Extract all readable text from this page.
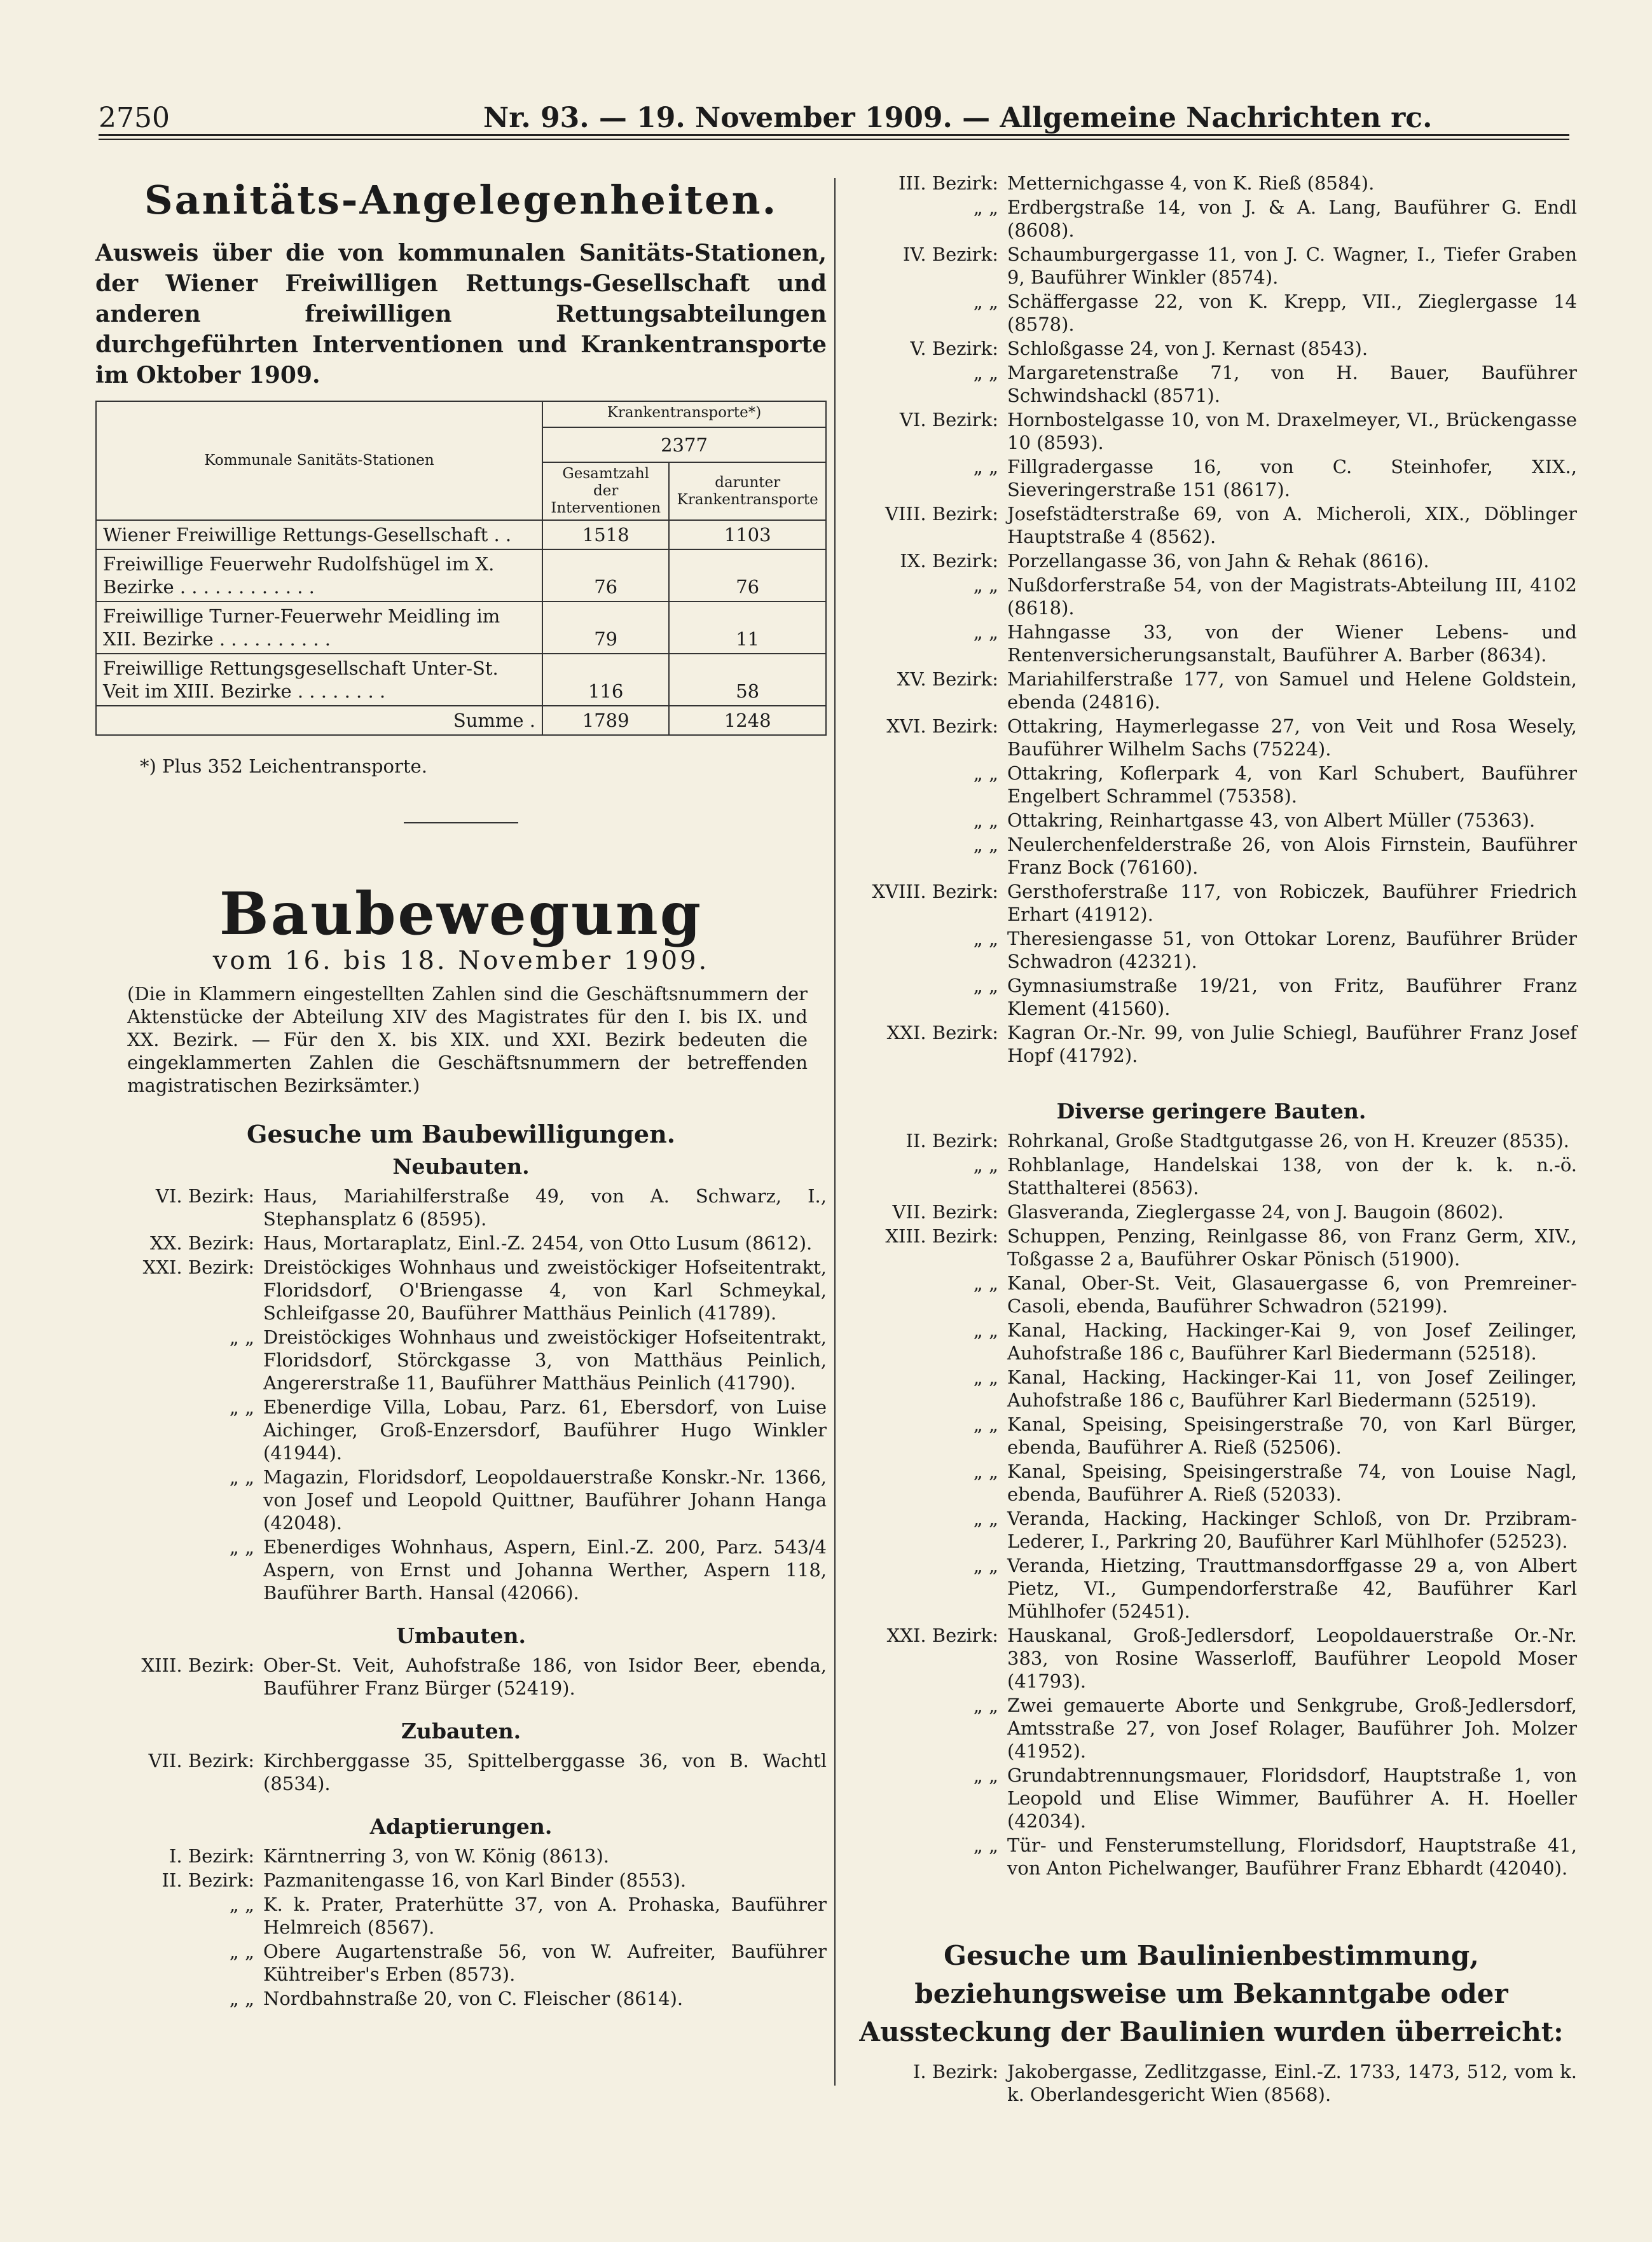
2750	Nr. 93. — 19. November 1909. — Allgemeine Nachrichten rc.
Sanitäts-Angelegenheiten.
Ausweis über die von kommunalen Sanitäts-Stationen, der Wiener Freiwilligen Rettungs-Gesellschaft und anderen freiwilligen Rettungsabteilungen durchgeführten Interventionen und Krankentransporte im Oktober 1909.
Kommunale Sanitäts-Stationen	Krankentransporte*)
2377	

	Gesamtzahl der Interventionen	darunter Krankentransporte
Wiener Freiwillige Rettungs-Gesellschaft . .	1518	1103
Freiwillige Feuerwehr Rudolfshügel im X. Bezirke . . . . . . . . . . . .	76	76
Freiwillige Turner-Feuerwehr Meidling im XII. Bezirke . . . . . . . . . .	79	11
Freiwillige Rettungsgesellschaft Unter-St. Veit im XIII. Bezirke . . . . . . . .	116	58
Summe .	1789	1248
*) Plus 352 Leichentransporte.
Baubewegung
vom 16. bis 18. November 1909.
(Die in Klammern eingestellten Zahlen sind die Geschäftsnummern der Aktenstücke der Abteilung XIV des Magistrates für den I. bis IX. und XX. Bezirk. — Für den X. bis XIX. und XXI. Bezirk bedeuten die eingeklammerten Zahlen die Geschäftsnummern der betreffenden magistratischen Bezirksämter.)
Gesuche um Baubewilligungen.
Neubauten.
VI. Bezirk: Haus, Mariahilferstraße 49, von A. Schwarz, I., Stephansplatz 6 (8595).
XX. Bezirk: Haus, Mortaraplatz, Einl.-Z. 2454, von Otto Lusum (8612).
XXI. Bezirk: Dreistöckiges Wohnhaus und zweistöckiger Hofseitentrakt, Floridsdorf, O'Briengasse 4, von Karl Schmeykal, Schleifgasse 20, Bauführer Matthäus Peinlich (41789).
„ „ Dreistöckiges Wohnhaus und zweistöckiger Hofseitentrakt, Floridsdorf, Störckgasse 3, von Matthäus Peinlich, Angererstraße 11, Bauführer Matthäus Peinlich (41790).
„ „ Ebenerdige Villa, Lobau, Parz. 61, Ebersdorf, von Luise Aichinger, Groß-Enzersdorf, Bauführer Hugo Winkler (41944).
„ „ Magazin, Floridsdorf, Leopoldauerstraße Konskr.-Nr. 1366, von Josef und Leopold Quittner, Bauführer Johann Hanga (42048).
„ „ Ebenerdiges Wohnhaus, Aspern, Einl.-Z. 200, Parz. 543/4 Aspern, von Ernst und Johanna Werther, Aspern 118, Bauführer Barth. Hansal (42066).
Umbauten.
XIII. Bezirk: Ober-St. Veit, Auhofstraße 186, von Isidor Beer, ebenda, Bauführer Franz Bürger (52419).
Zubauten.
VII. Bezirk: Kirchberggasse 35, Spittelberggasse 36, von B. Wachtl (8534).
Adaptierungen.
I. Bezirk: Kärntnerring 3, von W. König (8613).
II. Bezirk: Pazmanitengasse 16, von Karl Binder (8553).
„ „ K. k. Prater, Praterhütte 37, von A. Prohaska, Bauführer Helmreich (8567).
„ „ Obere Augartenstraße 56, von W. Aufreiter, Bauführer Kühtreiber's Erben (8573).
„ „ Nordbahnstraße 20, von C. Fleischer (8614).
III. Bezirk: Metternichgasse 4, von K. Rieß (8584).
„ „ Erdbergstraße 14, von J. & A. Lang, Bauführer G. Endl (8608).
IV. Bezirk: Schaumburgergasse 11, von J. C. Wagner, I., Tiefer Graben 9, Bauführer Winkler (8574).
„ „ Schäffergasse 22, von K. Krepp, VII., Zieglergasse 14 (8578).
V. Bezirk: Schloßgasse 24, von J. Kernast (8543).
„ „ Margaretenstraße 71, von H. Bauer, Bauführer Schwindshackl (8571).
VI. Bezirk: Hornbostelgasse 10, von M. Draxelmeyer, VI., Brückengasse 10 (8593).
„ „ Fillgradergasse 16, von C. Steinhofer, XIX., Sieveringerstraße 151 (8617).
VIII. Bezirk: Josefstädterstraße 69, von A. Micheroli, XIX., Döblinger Hauptstraße 4 (8562).
IX. Bezirk: Porzellangasse 36, von Jahn & Rehak (8616).
„ „ Nußdorferstraße 54, von der Magistrats-Abteilung III, 4102 (8618).
„ „ Hahngasse 33, von der Wiener Lebens- und Rentenversicherungsanstalt, Bauführer A. Barber (8634).
XV. Bezirk: Mariahilferstraße 177, von Samuel und Helene Goldstein, ebenda (24816).
XVI. Bezirk: Ottakring, Haymerlegasse 27, von Veit und Rosa Wesely, Bauführer Wilhelm Sachs (75224).
„ „ Ottakring, Koflerpark 4, von Karl Schubert, Bauführer Engelbert Schrammel (75358).
„ „ Ottakring, Reinhartgasse 43, von Albert Müller (75363).
„ „ Neulerchenfelderstraße 26, von Alois Firnstein, Bauführer Franz Bock (76160).
XVIII. Bezirk: Gersthoferstraße 117, von Robiczek, Bauführer Friedrich Erhart (41912).
„ „ Theresiengasse 51, von Ottokar Lorenz, Bauführer Brüder Schwadron (42321).
„ „ Gymnasiumstraße 19/21, von Fritz, Bauführer Franz Klement (41560).
XXI. Bezirk: Kagran Or.-Nr. 99, von Julie Schiegl, Bauführer Franz Josef Hopf (41792).
Diverse geringere Bauten.
II. Bezirk: Rohrkanal, Große Stadtgutgasse 26, von H. Kreuzer (8535).
„ „ Rohblanlage, Handelskai 138, von der k. k. n.-ö. Statthalterei (8563).
VII. Bezirk: Glasveranda, Zieglergasse 24, von J. Baugoin (8602).
XIII. Bezirk: Schuppen, Penzing, Reinlgasse 86, von Franz Germ, XIV., Toßgasse 2 a, Bauführer Oskar Pönisch (51900).
„ „ Kanal, Ober-St. Veit, Glasauergasse 6, von Premreiner-Casoli, ebenda, Bauführer Schwadron (52199).
„ „ Kanal, Hacking, Hackinger-Kai 9, von Josef Zeilinger, Auhofstraße 186 c, Bauführer Karl Biedermann (52518).
„ „ Kanal, Hacking, Hackinger-Kai 11, von Josef Zeilinger, Auhofstraße 186 c, Bauführer Karl Biedermann (52519).
„ „ Kanal, Speising, Speisingerstraße 70, von Karl Bürger, ebenda, Bauführer A. Rieß (52506).
„ „ Kanal, Speising, Speisingerstraße 74, von Louise Nagl, ebenda, Bauführer A. Rieß (52033).
„ „ Veranda, Hacking, Hackinger Schloß, von Dr. Przibram-Lederer, I., Parkring 20, Bauführer Karl Mühlhofer (52523).
„ „ Veranda, Hietzing, Trauttmansdorffgasse 29 a, von Albert Pietz, VI., Gumpendorferstraße 42, Bauführer Karl Mühlhofer (52451).
XXI. Bezirk: Hauskanal, Groß-Jedlersdorf, Leopoldauerstraße Or.-Nr. 383, von Rosine Wasserloff, Bauführer Leopold Moser (41793).
„ „ Zwei gemauerte Aborte und Senkgrube, Groß-Jedlersdorf, Amtsstraße 27, von Josef Rolager, Bauführer Joh. Molzer (41952).
„ „ Grundabtrennungsmauer, Floridsdorf, Hauptstraße 1, von Leopold und Elise Wimmer, Bauführer A. H. Hoeller (42034).
„ „ Tür- und Fensterumstellung, Floridsdorf, Hauptstraße 41, von Anton Pichelwanger, Bauführer Franz Ebhardt (42040).
Gesuche um Baulinienbestimmung, beziehungsweise um Bekanntgabe oder Aussteckung der Baulinien wurden überreicht:
I. Bezirk: Jakobergasse, Zedlitzgasse, Einl.-Z. 1733, 1473, 512, vom k. k. Oberlandesgericht Wien (8568).
